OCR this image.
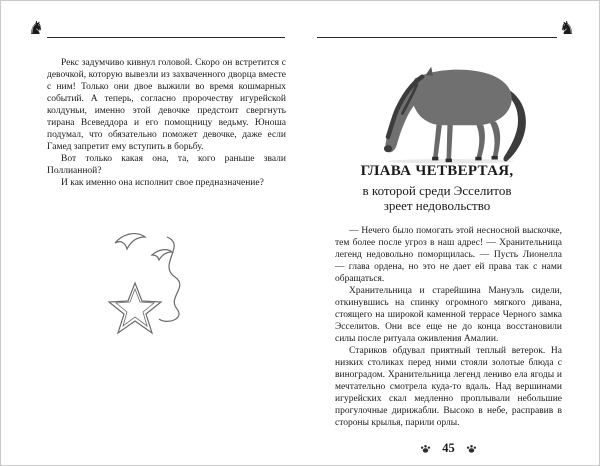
♞	♞

Рекс задумчиво кивнул головой. Скоро он встретится с девочкой, которую вывезли из захваченного дворца вместе с ним! Только они двое выжили во время кошмарных событий. А теперь, согласно пророчеству игурейской колдуньи, именно этой девочке предстоит свергнуть тирана Всеведдора и его помощницу ведьму. Юноша подумал, что обязательно поможет девочке, даже если Гамед запретит ему вступить в борьбу.

Вот только какая она, та, кого раньше звали Поллианной?

И как именно она исполнит свое предназначение?

ГЛАВА ЧЕТВЕРТАЯ,

в которой среди Эсселитов

зреет недовольство

— Нечего было помогать этой несносной выскочке, тем более после угроз в наш адрес! — Хранительница легенд недовольно поморщилась. — Пусть Лионелла — глава ордена, но это не дает ей права так с нами обращаться.

Хранительница и старейшина Мануэль сидели, откинувшись на спинку огромного мягкого дивана, стоящего на широкой каменной террасе Черного замка Эсселитов. Они все еще не до конца восстановили силы после ритуала оживления Амалии.

Стариков обдувал приятный теплый ветерок. На низких столиках перед ними стояли золотые блюда с виноградом. Хранительница легенд лениво ела ягоды и мечтательно смотрела куда-то вдаль. Над вершинами игурейских скал медленно проплывали небольшие прогулочные дирижабли. Высоко в небе, расправив в стороны крылья, парили орлы.

45
